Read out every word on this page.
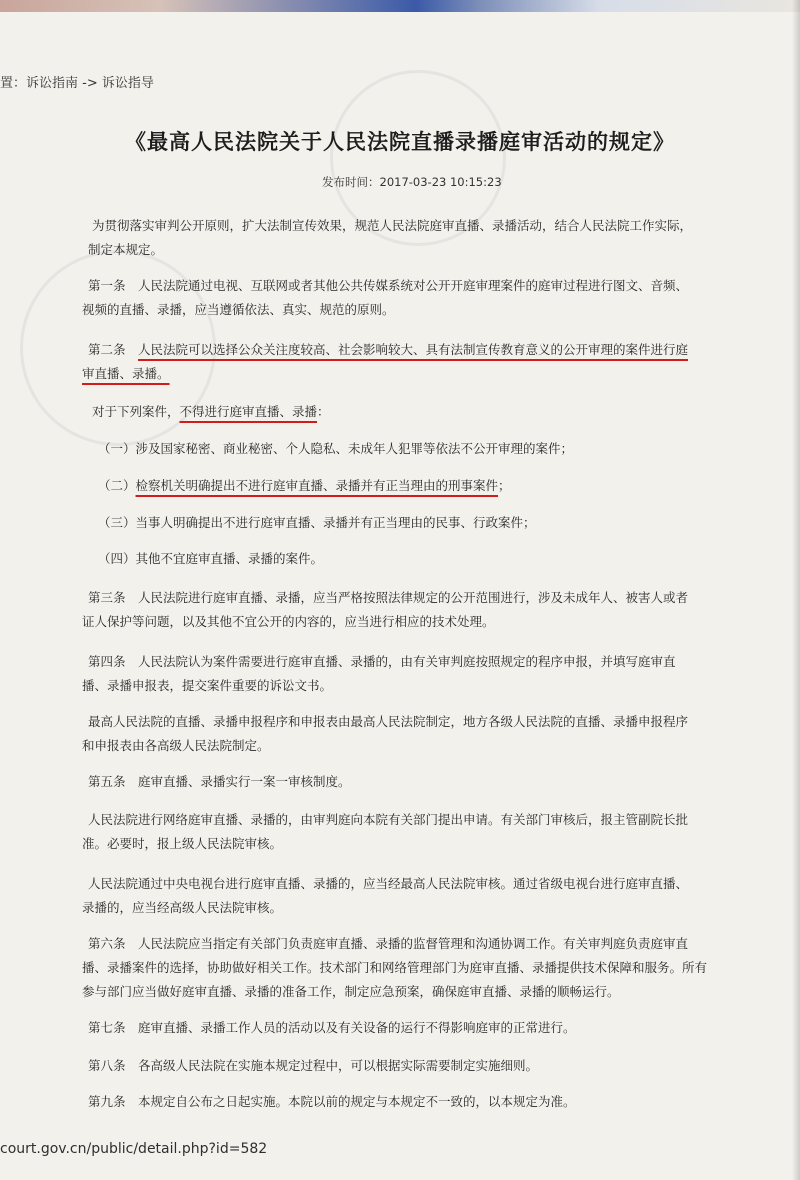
置：诉讼指南 -> 诉讼指导
《最高人民法院关于人民法院直播录播庭审活动的规定》
发布时间：2017-03-23 10:15:23
为贯彻落实审判公开原则，扩大法制宣传效果，规范人民法院庭审直播、录播活动，结合人民法院工作实际，
制定本规定。
第一条　人民法院通过电视、互联网或者其他公共传媒系统对公开开庭审理案件的庭审过程进行图文、音频、
视频的直播、录播，应当遵循依法、真实、规范的原则。
第二条　 人民法院可以选择公众关注度较高、社会影响较大、具有法制宣传教育意义的公开审理的案件进行庭
审直播、录播。
对于下列案件，不得进行庭审直播、录播：
（一）涉及国家秘密、商业秘密、个人隐私、未成年人犯罪等依法不公开审理的案件；
（二）检察机关明确提出不进行庭审直播、录播并有正当理由的刑事案件；
（三）当事人明确提出不进行庭审直播、录播并有正当理由的民事、行政案件；
（四）其他不宜庭审直播、录播的案件。
第三条　人民法院进行庭审直播、录播，应当严格按照法律规定的公开范围进行，涉及未成年人、被害人或者
证人保护等问题，以及其他不宜公开的内容的，应当进行相应的技术处理。
第四条　人民法院认为案件需要进行庭审直播、录播的，由有关审判庭按照规定的程序申报，并填写庭审直
播、录播申报表，提交案件重要的诉讼文书。
最高人民法院的直播、录播申报程序和申报表由最高人民法院制定，地方各级人民法院的直播、录播申报程序
和申报表由各高级人民法院制定。
第五条　庭审直播、录播实行一案一审核制度。
人民法院进行网络庭审直播、录播的，由审判庭向本院有关部门提出申请。有关部门审核后，报主管副院长批
准。必要时，报上级人民法院审核。
人民法院通过中央电视台进行庭审直播、录播的，应当经最高人民法院审核。通过省级电视台进行庭审直播、
录播的，应当经高级人民法院审核。
第六条　人民法院应当指定有关部门负责庭审直播、录播的监督管理和沟通协调工作。有关审判庭负责庭审直
播、录播案件的选择，协助做好相关工作。技术部门和网络管理部门为庭审直播、录播提供技术保障和服务。所有
参与部门应当做好庭审直播、录播的准备工作，制定应急预案，确保庭审直播、录播的顺畅运行。
第七条　庭审直播、录播工作人员的活动以及有关设备的运行不得影响庭审的正常进行。
第八条　各高级人民法院在实施本规定过程中，可以根据实际需要制定实施细则。
第九条　本规定自公布之日起实施。本院以前的规定与本规定不一致的，以本规定为准。
court.gov.cn/public/detail.php?id=582
